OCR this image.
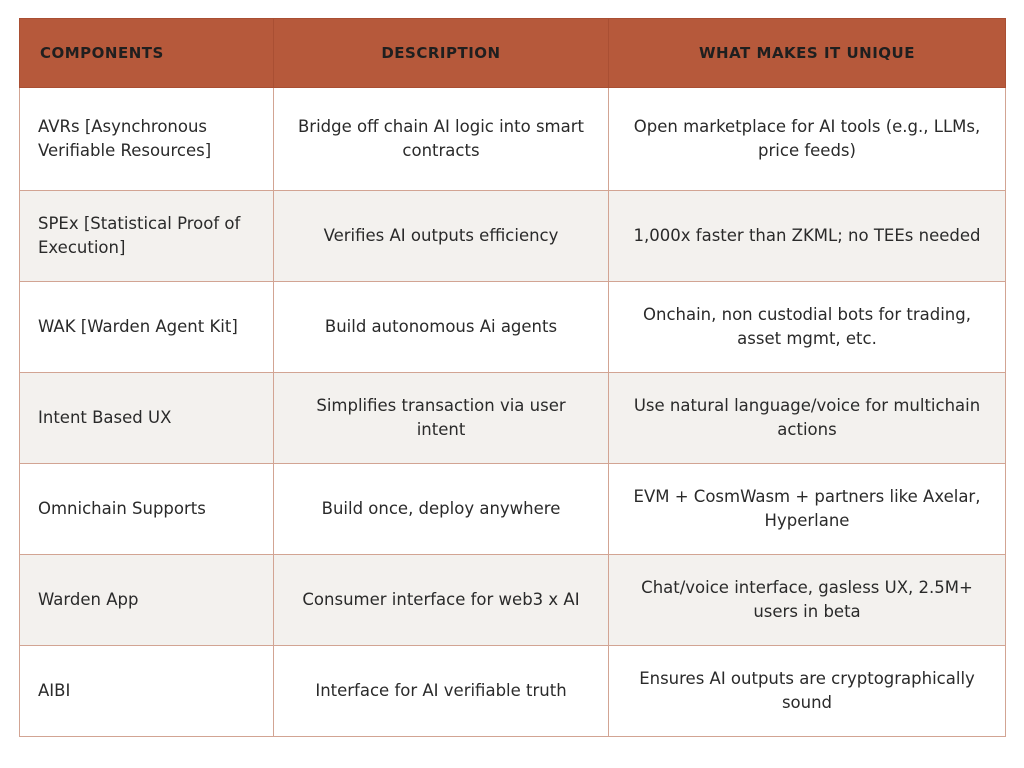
COMPONENTS	DESCRIPTION	WHAT MAKES IT UNIQUE
AVRs [Asynchronous Verifiable Resources]	Bridge off chain AI logic into smart contracts	Open marketplace for AI tools (e.g., LLMs, price feeds)
SPEx [Statistical Proof of Execution]	Verifies AI outputs efficiency	1,000x faster than ZKML; no TEEs needed
WAK [Warden Agent Kit]	Build autonomous Ai agents	Onchain, non custodial bots for trading, asset mgmt, etc.
Intent Based UX	Simplifies transaction via user intent	Use natural language/voice for multichain actions
Omnichain Supports	Build once, deploy anywhere	EVM + CosmWasm + partners like Axelar, Hyperlane
Warden App	Consumer interface for web3 x AI	Chat/voice interface, gasless UX, 2.5M+ users in beta
AIBI	Interface for AI verifiable truth	Ensures AI outputs are cryptographically sound
